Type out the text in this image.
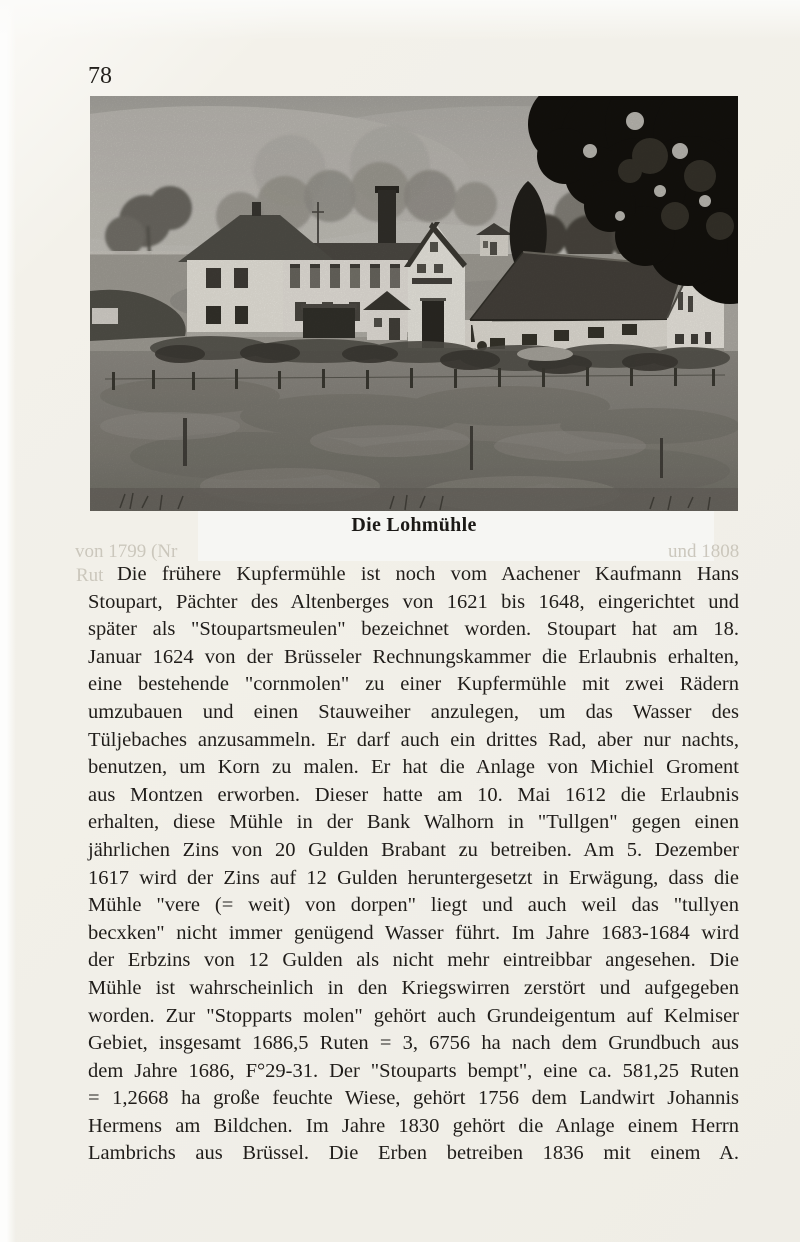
78
Die Lohmühle
von 1799 (Nr	und 1808
Rut Die frühere Kupfermühle ist noch vom Aachener Kaufmann Hans
Stoupart, Pächter des Altenberges von 1621 bis 1648, eingerichtet und
später als "Stoupartsmeulen" bezeichnet worden. Stoupart hat am 18.
Januar 1624 von der Brüsseler Rechnungskammer die Erlaubnis erhalten,
eine bestehende "cornmolen" zu einer Kupfermühle mit zwei Rädern
umzubauen und einen Stauweiher anzulegen, um das Wasser des
Tüljebaches anzusammeln. Er darf auch ein drittes Rad, aber nur nachts,
benutzen, um Korn zu malen. Er hat die Anlage von Michiel Groment
aus Montzen erworben. Dieser hatte am 10. Mai 1612 die Erlaubnis
erhalten, diese Mühle in der Bank Walhorn in "Tullgen" gegen einen
jährlichen Zins von 20 Gulden Brabant zu betreiben. Am 5. Dezember
1617 wird der Zins auf 12 Gulden heruntergesetzt in Erwägung, dass die
Mühle "vere (= weit) von dorpen" liegt und auch weil das "tullyen
becxken" nicht immer genügend Wasser führt. Im Jahre 1683-1684 wird
der Erbzins von 12 Gulden als nicht mehr eintreibbar angesehen. Die
Mühle ist wahrscheinlich in den Kriegswirren zerstört und aufgegeben
worden. Zur "Stopparts molen" gehört auch Grundeigentum auf Kelmiser
Gebiet, insgesamt 1686,5 Ruten = 3, 6756 ha nach dem Grundbuch aus
dem Jahre 1686, F°29-31. Der "Stouparts bempt", eine ca. 581,25 Ruten
= 1,2668 ha große feuchte Wiese, gehört 1756 dem Landwirt Johannis
Hermens am Bildchen. Im Jahre 1830 gehört die Anlage einem Herrn
Lambrichs aus Brüssel. Die Erben betreiben 1836 mit einem A.
